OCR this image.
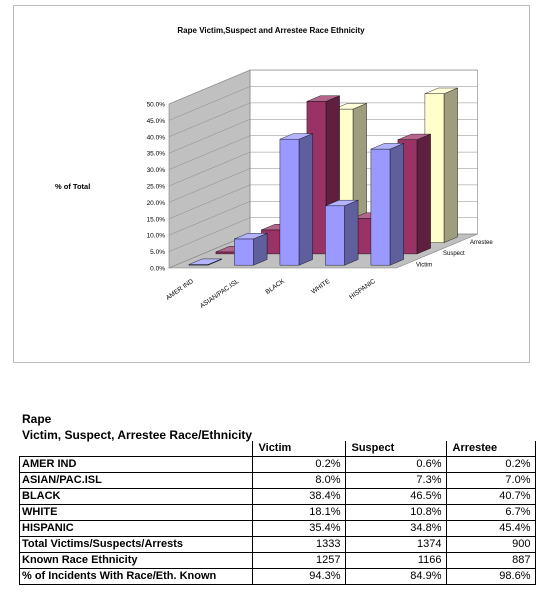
Rape Victim,Suspect and Arrestee Race Ethnicity
% of Total
0.0%
5.0%
10.0%
15.0%
20.0%
25.0%
30.0%
35.0%
40.0%
45.0%
50.0%
AMER IND ASIAN/PAC.ISL	BLACK	WHITE	HISPANIC
Victim
Suspect
Arrestee
Rape
Victim, Suspect, Arrestee Race/Ethnicity
	Victim	Suspect	Arrestee
AMER IND	0.2%	0.6%	0.2%
ASIAN/PAC.ISL	8.0%	7.3%	7.0%
BLACK	38.4%	46.5%	40.7%
WHITE	18.1%	10.8%	6.7%
HISPANIC	35.4%	34.8%	45.4%
Total Victims/Suspects/Arrests	1333	1374	900
Known Race Ethnicity	1257	1166	887
% of Incidents With Race/Eth. Known	94.3%	84.9%	98.6%
